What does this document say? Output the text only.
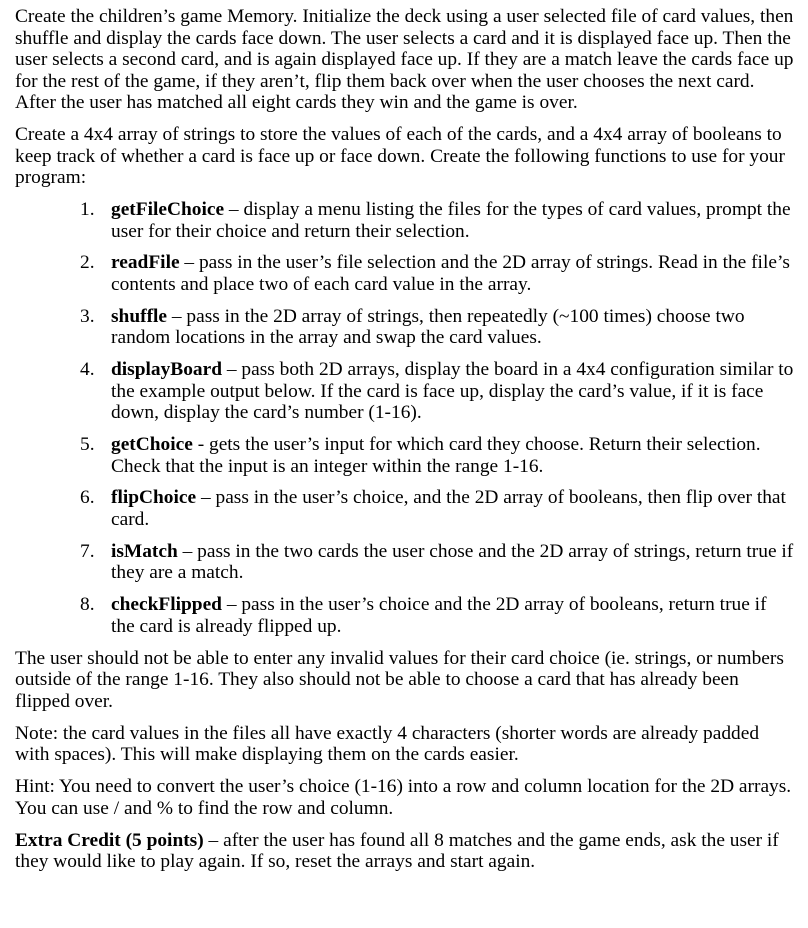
Create the children’s game Memory. Initialize the deck using a user selected file of card values, then shuffle and display the cards face down. The user selects a card and it is displayed face up. Then the user selects a second card, and is again displayed face up. If they are a match leave the cards face up for the rest of the game, if they aren’t, flip them back over when the user chooses the next card. After the user has matched all eight cards they win and the game is over.

Create a 4x4 array of strings to store the values of each of the cards, and a 4x4 array of booleans to keep track of whether a card is face up or face down. Create the following functions to use for your program:

1. getFileChoice – display a menu listing the files for the types of card values, prompt the user for their choice and return their selection.
2. readFile – pass in the user’s file selection and the 2D array of strings. Read in the file’s contents and place two of each card value in the array.
3. shuffle – pass in the 2D array of strings, then repeatedly (~100 times) choose two random locations in the array and swap the card values.
4. displayBoard – pass both 2D arrays, display the board in a 4x4 configuration similar to the example output below. If the card is face up, display the card’s value, if it is face down, display the card’s number (1-16).
5. getChoice - gets the user’s input for which card they choose. Return their selection. Check that the input is an integer within the range 1-16.
6. flipChoice – pass in the user’s choice, and the 2D array of booleans, then flip over that card.
7. isMatch – pass in the two cards the user chose and the 2D array of strings, return true if they are a match.
8. checkFlipped – pass in the user’s choice and the 2D array of booleans, return true if the card is already flipped up.

The user should not be able to enter any invalid values for their card choice (ie. strings, or numbers outside of the range 1-16. They also should not be able to choose a card that has already been flipped over.

Note: the card values in the files all have exactly 4 characters (shorter words are already padded with spaces). This will make displaying them on the cards easier.

Hint: You need to convert the user’s choice (1-16) into a row and column location for the 2D arrays. You can use / and % to find the row and column.

Extra Credit (5 points) – after the user has found all 8 matches and the game ends, ask the user if they would like to play again. If so, reset the arrays and start again.
